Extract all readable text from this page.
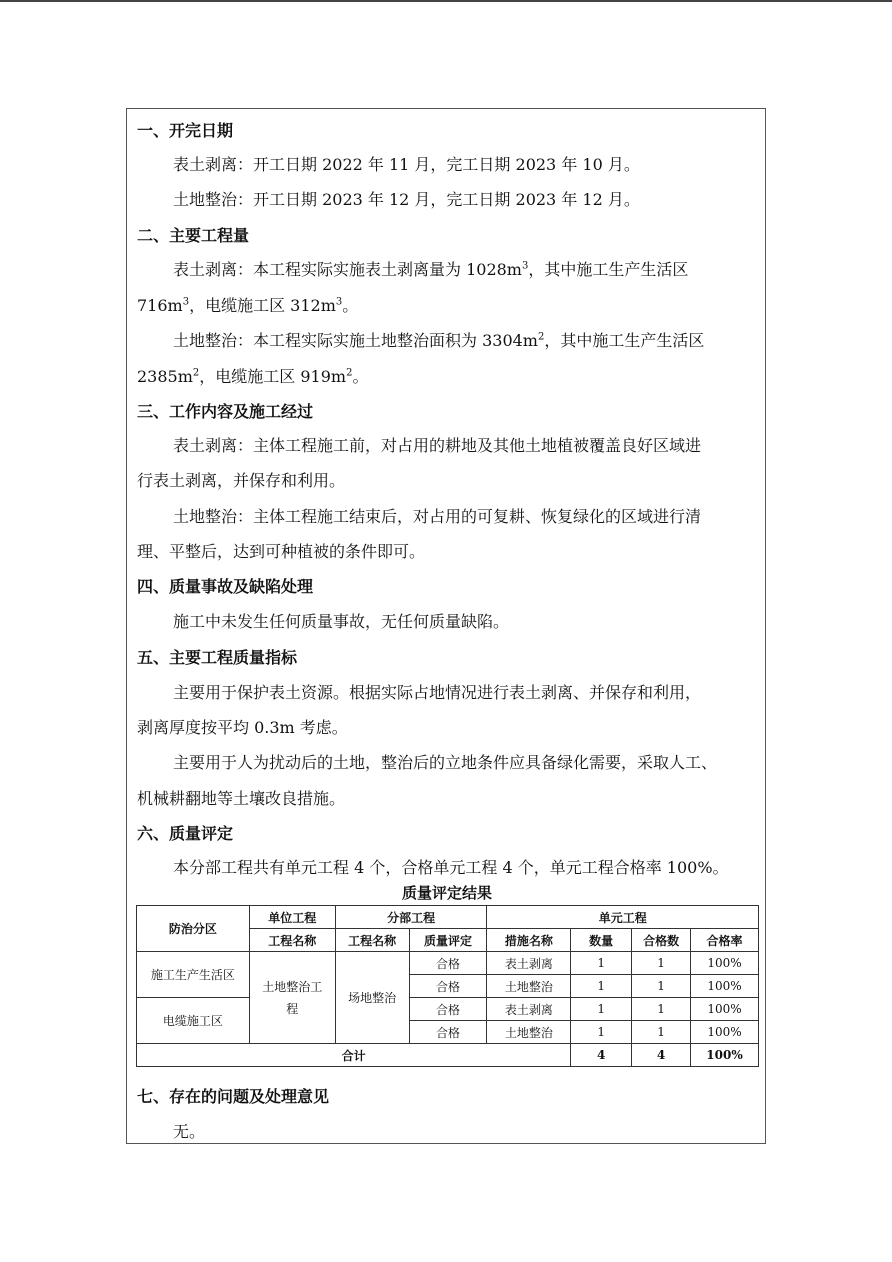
一、开完日期
表土剥离：开工日期 2022 年 11 月，完工日期 2023 年 10 月。
土地整治：开工日期 2023 年 12 月，完工日期 2023 年 12 月。
二、主要工程量
表土剥离：本工程实际实施表土剥离量为 $1028m^3$，其中施工生产生活区
$716m^3$，电缆施工区 $312m^3$。
土地整治：本工程实际实施土地整治面积为 $3304m^2$，其中施工生产生活区
$2385m^2$，电缆施工区 $919m^2$。
三、工作内容及施工经过
表土剥离：主体工程施工前，对占用的耕地及其他土地植被覆盖良好区域进
行表土剥离，并保存和利用。
土地整治：主体工程施工结束后，对占用的可复耕、恢复绿化的区域进行清
理、平整后，达到可种植被的条件即可。
四、质量事故及缺陷处理
施工中未发生任何质量事故，无任何质量缺陷。
五、主要工程质量指标
主要用于保护表土资源。根据实际占地情况进行表土剥离、并保存和利用，
剥离厚度按平均 0.3m 考虑。
主要用于人为扰动后的土地，整治后的立地条件应具备绿化需要，采取人工、
机械耕翻地等土壤改良措施。
六、质量评定
本分部工程共有单元工程 4 个，合格单元工程 4 个，单元工程合格率 100%。
质量评定结果
防治分区	单位工程	分部工程		单元工程			
	工程名称	工程名称	质量评定	措施名称	数量	合格数	合格率
施工生产生活区	土地整治工程	场地整治	合格	表土剥离	1	1	100%
			合格	土地整治	1	1	100%
电缆施工区			合格	表土剥离	1	1	100%
			合格	土地整治	1	1	100%
合计					4	4	100%
七、存在的问题及处理意见
无。
